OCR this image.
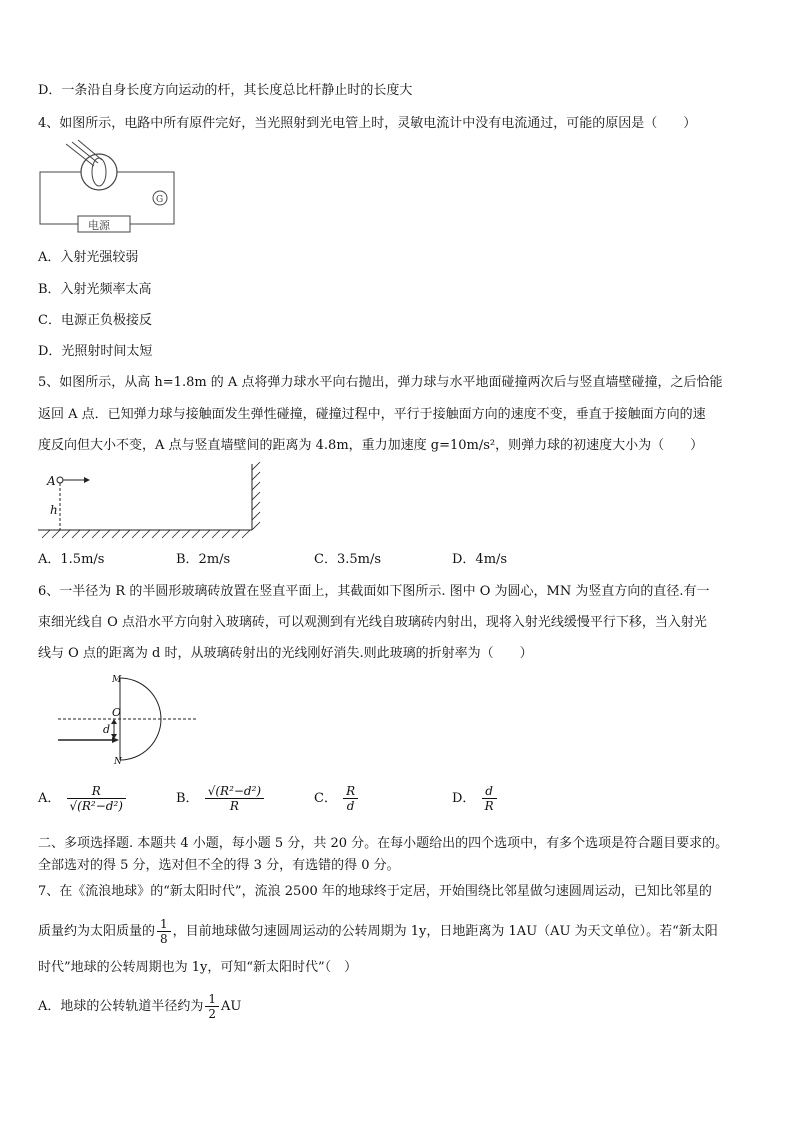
D．一条沿自身长度方向运动的杆，其长度总比杆静止时的长度大
4、如图所示，电路中所有原件完好，当光照射到光电管上时，灵敏电流计中没有电流通过，可能的原因是（　　）
电源
G
A．入射光强较弱
B．入射光频率太高
C．电源正负极接反
D．光照射时间太短
5、如图所示，从高 h=1.8m 的 A 点将弹力球水平向右抛出，弹力球与水平地面碰撞两次后与竖直墙壁碰撞，之后恰能
返回 A 点．已知弹力球与接触面发生弹性碰撞，碰撞过程中，平行于接触面方向的速度不变，垂直于接触面方向的速
度反向但大小不变，A 点与竖直墙壁间的距离为 4.8m，重力加速度 g=10m/s²，则弹力球的初速度大小为（　　）
A
h
A．1.5m/s	B．2m/s	C．3.5m/s	D．4m/s
6、一半径为 R 的半圆形玻璃砖放置在竖直平面上，其截面如下图所示. 图中 O 为圆心，MN 为竖直方向的直径.有一
束细光线自 O 点沿水平方向射入玻璃砖，可以观测到有光线自玻璃砖内射出，现将入射光线缓慢平行下移，当入射光
线与 O 点的距离为 d 时，从玻璃砖射出的光线刚好消失.则此玻璃的折射率为（　　）
M
O
d
N
A． $\frac{R}{\text{√(R²−d²)}}$	B． $\frac{\text{√(R²−d²)}}{R}$	C． $\frac{R}{d}$	D． $\frac{d}{R}$
二、多项选择题. 本题共 4 小题，每小题 5 分，共 20 分。在每小题给出的四个选项中，有多个选项是符合题目要求的。
全部选对的得 5 分，选对但不全的得 3 分，有选错的得 0 分。
7、在《流浪地球》的“新太阳时代”，流浪 2500 年的地球终于定居，开始围绕比邻星做匀速圆周运动，已知比邻星的
质量约为太阳质量的 $\frac{1}{8}$ ，目前地球做匀速圆周运动的公转周期为 1y，日地距离为 1AU（AU 为天文单位）。若“新太阳
时代”地球的公转周期也为 1y，可知“新太阳时代”（　）
A．地球的公转轨道半径约为 $\frac{1}{2}$ AU
